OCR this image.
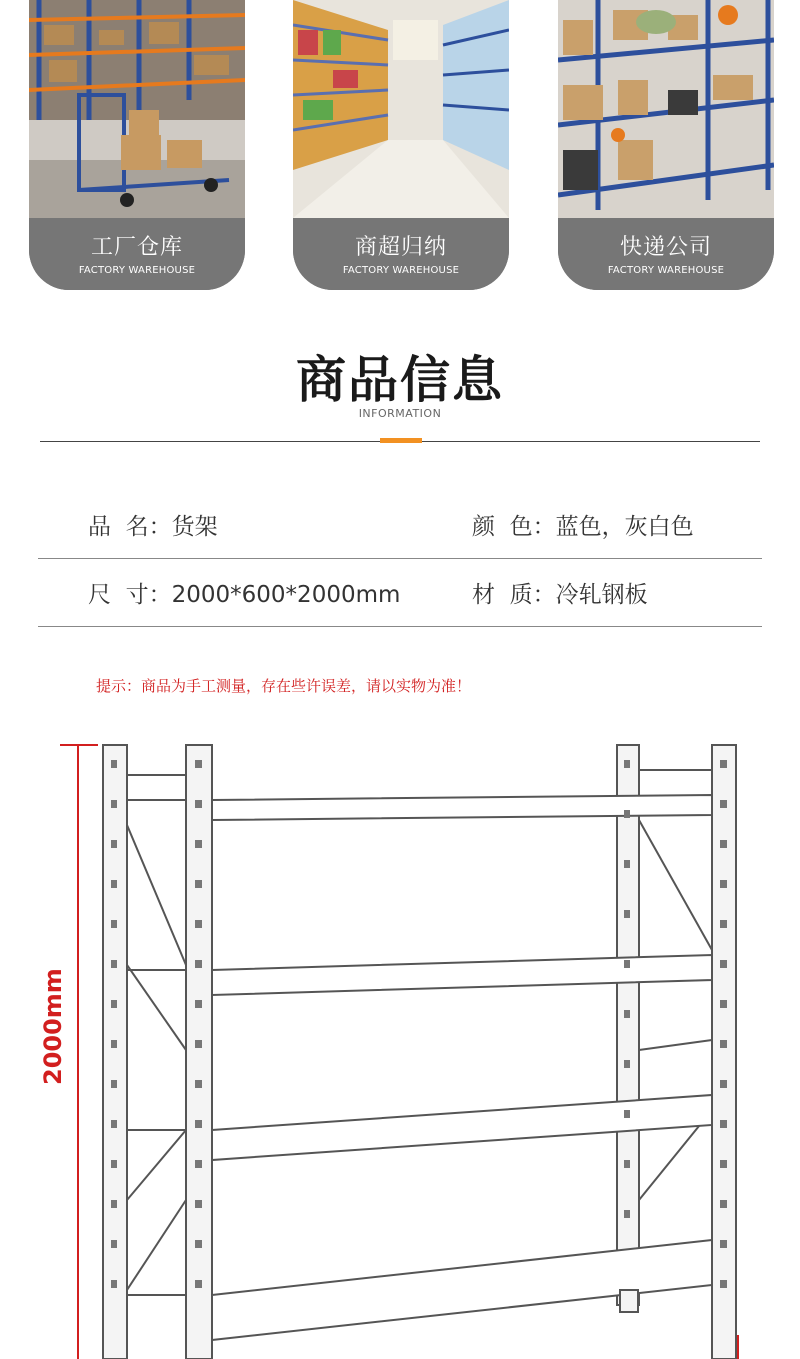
工厂仓库
FACTORY WAREHOUSE
商超归纳
FACTORY WAREHOUSE
快递公司
FACTORY WAREHOUSE
商品信息
INFORMATION
品  名：货架	颜  色：蓝色，灰白色
尺  寸：2000*600*2000mm	材  质：冷轧钢板
提示：商品为手工测量，存在些许误差，请以实物为准！
2000mm
